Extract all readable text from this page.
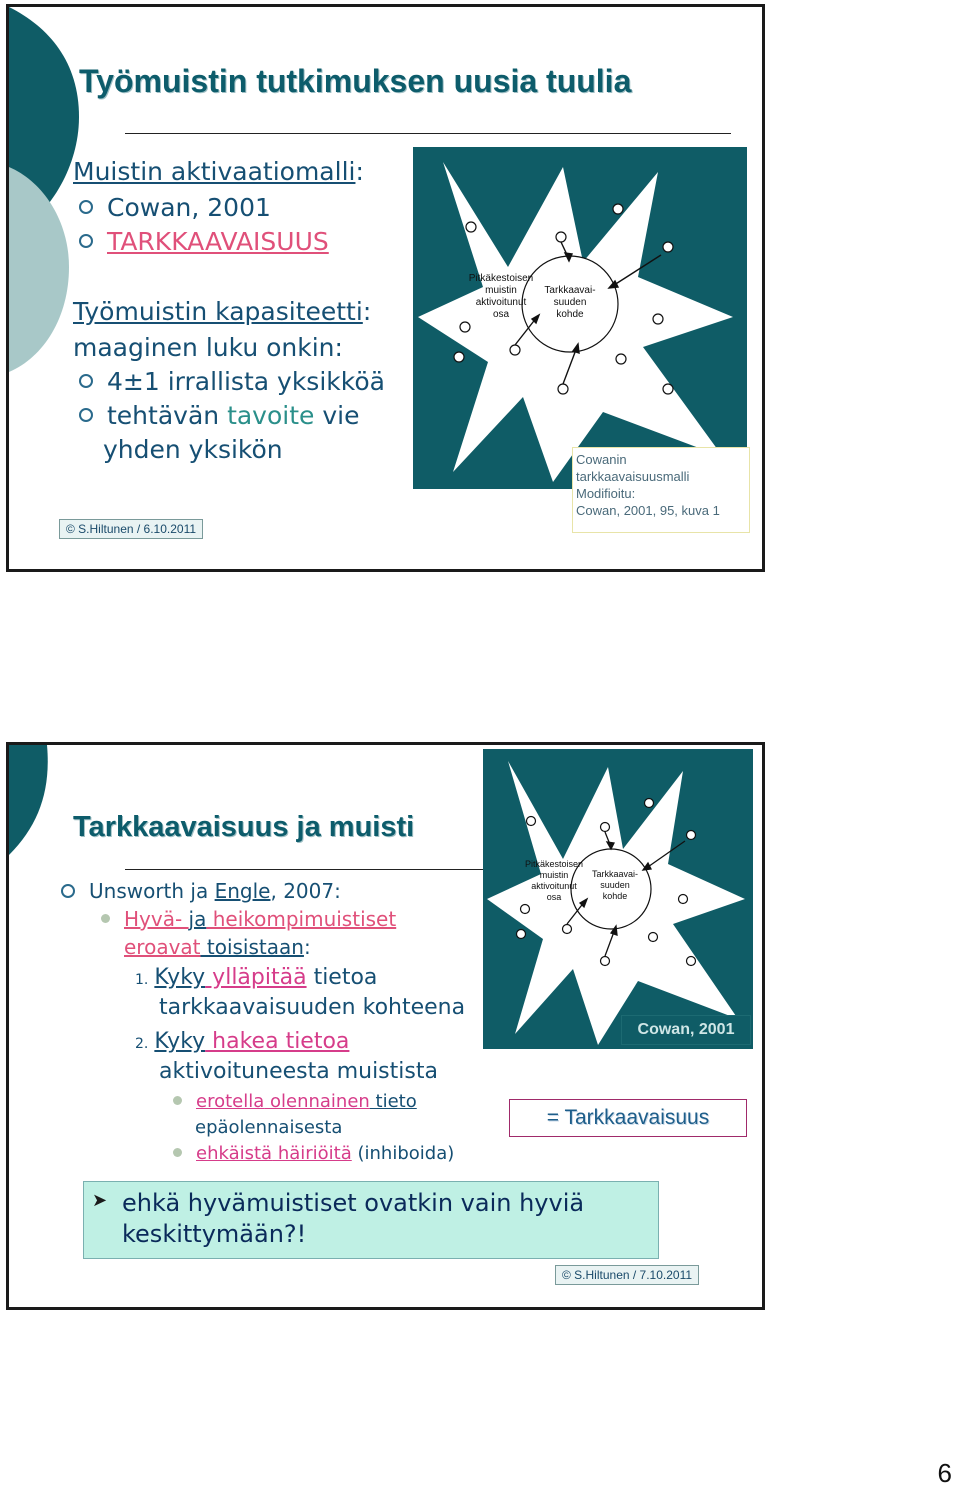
Työmuistin tutkimuksen uusia tuulia
Muistin aktivaatiomalli:
Cowan, 2001
TARKKAAVAISUUS
Työmuistin kapasiteetti:
maaginen luku onkin:
4±1 irrallista yksikköä
tehtävän tavoite vie
yhden yksikön
© S.Hiltunen / 6.10.2011
Pitkäkestoisen
muistin
aktivoitunut
osa
Tarkkaavai-
suuden
kohde
Cowanin
tarkkaavaisuusmalli
Modifioitu:
Cowan, 2001, 95, kuva 1
Tarkkaavaisuus ja muisti
Unsworth ja Engle, 2007:
Hyvä- ja heikompimuistiset
eroavat toisistaan:
1. Kyky ylläpitää tietoa
tarkkaavaisuuden kohteena
2. Kyky hakea tietoa
aktivoituneesta muistista
erotella olennainen tieto
epäolennaisesta
ehkäistä häiriöitä (inhiboida)
Pitkäkestoisen
muistin
aktivoitunut
osa
Tarkkaavai-
suuden
kohde
Cowan, 2001
= Tarkkaavaisuus
➤ ehkä hyvämuistiset ovatkin vain hyviä
keskittymään?!
© S.Hiltunen / 7.10.2011
6
